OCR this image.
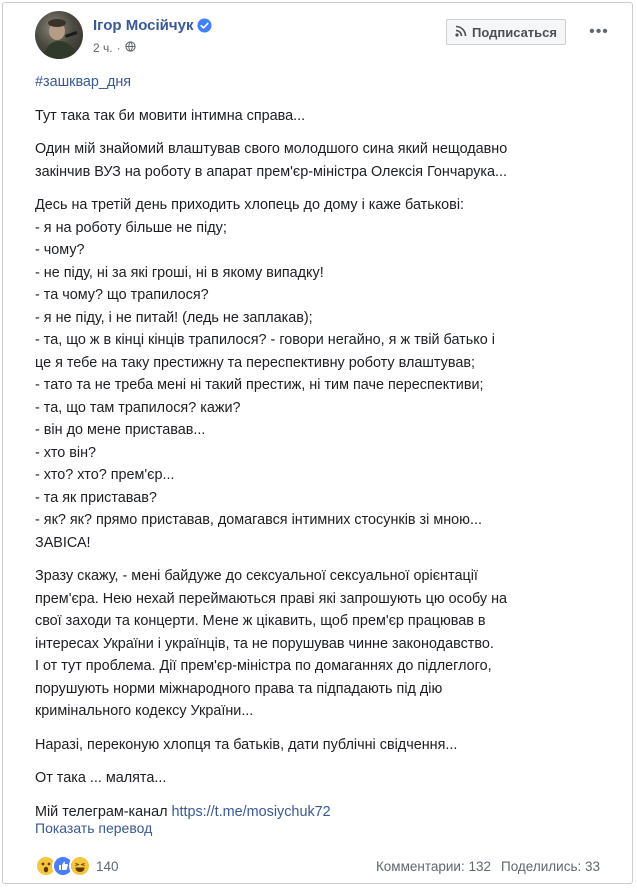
Ігор Мосійчук
2 ч. ·
Подписаться •••

#зашквар_дня

Тут така так би мовити інтимна справа...

Один мій знайомий влаштував свого молодшого сина який нещодавно
закінчив ВУЗ на роботу в апарат прем'єр-міністра Олексія Гончарука...

Десь на третій день приходить хлопець до дому і каже батькові:
- я на роботу більше не піду;
- чому?
- не піду, ні за які гроші, ні в якому випадку!
- та чому? що трапилося?
- я не піду, і не питай! (ледь не заплакав);
- та, що ж в кінці кінців трапилося? - говори негайно, я ж твій батько і
це я тебе на таку престижну та переспективну роботу влаштував;
- тато та не треба мені ні такий престиж, ні тим паче переспективи;
- та, що там трапилося? кажи?
- він до мене приставав...
- хто він?
- хто? хто? прем'єр...
- та як приставав?
- як? як? прямо приставав, домагався інтимних стосунків зі мною...
ЗАВІСА!

Зразу скажу, - мені байдуже до сексуальної сексуальної орієнтації
прем'єра. Нею нехай переймаються праві які запрошують цю особу на
свої заходи та концерти. Мене ж цікавить, щоб прем'єр працював в
інтересах України і українців, та не порушував чинне законодавство.
І от тут проблема. Дії прем'єр-міністра по домаганнях до підлеглого,
порушують норми міжнародного права та підпадають під дію
кримінального кодексу України...

Наразі, переконую хлопця та батьків, дати публічні свідчення...

От така ... малята...

Мій телеграм-канал https://t.me/mosiychuk72

Показать перевод
140	Комментарии: 132 Поделились: 33
